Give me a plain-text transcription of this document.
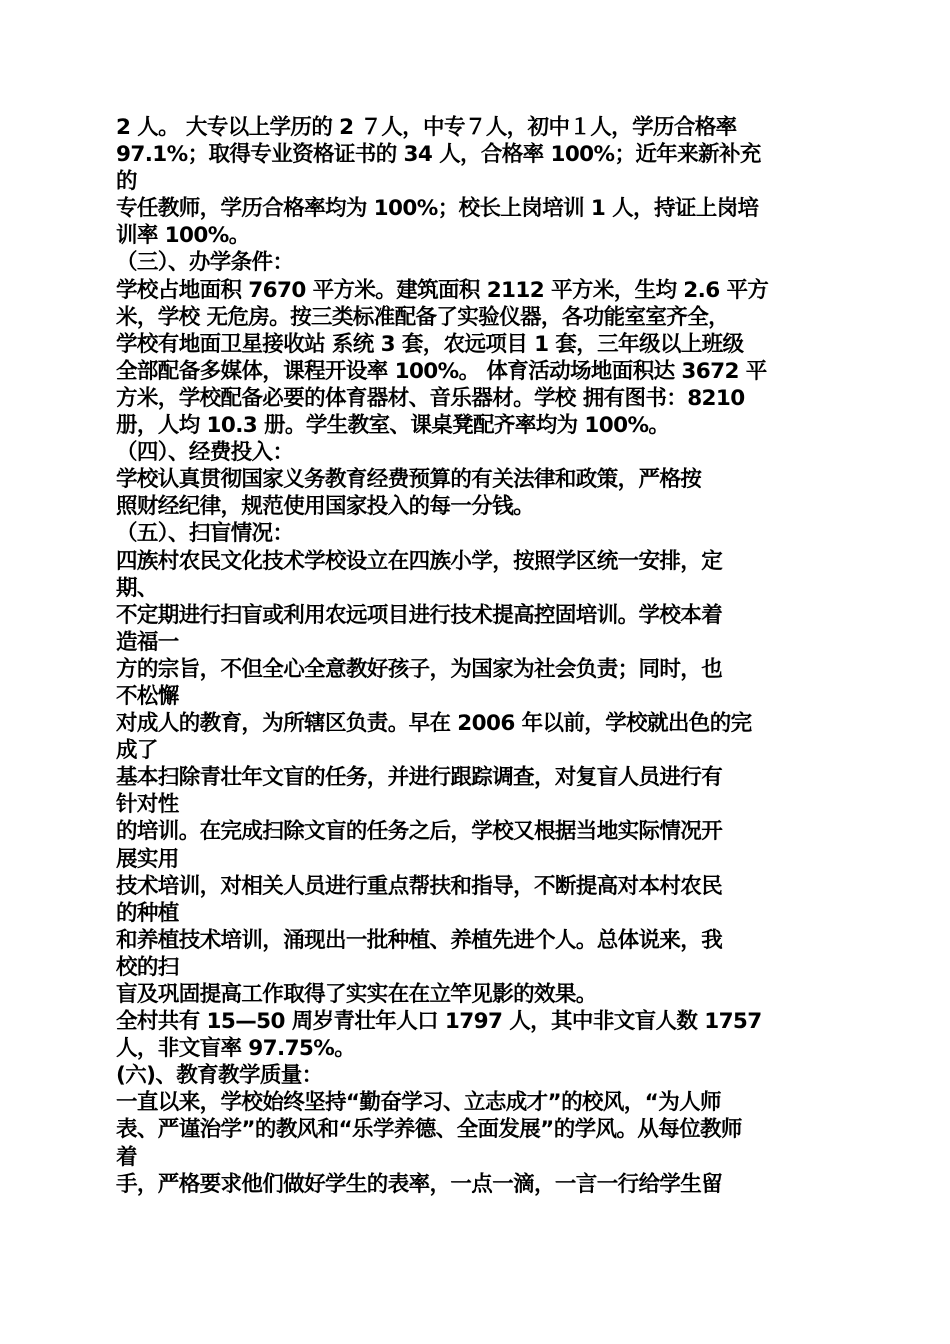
2 人。 大专以上学历的 2 ７人，中专７人，初中１人，学历合格率
97.1%；取得专业资格证书的 34 人，合格率 100%；近年来新补充
的
专任教师，学历合格率均为 100%；校长上岗培训 1 人，持证上岗培
训率 100%。
（三）、办学条件：
学校占地面积 7670 平方米。建筑面积 2112 平方米，生均 2.6 平方
米，学校 无危房。按三类标准配备了实验仪器，各功能室室齐全，
学校有地面卫星接收站 系统 3 套，农远项目 1 套，三年级以上班级
全部配备多媒体，课程开设率 100%。 体育活动场地面积达 3672 平
方米，学校配备必要的体育器材、音乐器材。学校 拥有图书：8210
册，人均 10.3 册。学生教室、课桌凳配齐率均为 100%。
（四）、经费投入：
学校认真贯彻国家义务教育经费预算的有关法律和政策，严格按
照财经纪律，规范使用国家投入的每一分钱。
（五）、扫盲情况：
四族村农民文化技术学校设立在四族小学，按照学区统一安排，定
期、
不定期进行扫盲或利用农远项目进行技术提高控固培训。学校本着
造福一
方的宗旨，不但全心全意教好孩子，为国家为社会负责；同时，也
不松懈
对成人的教育，为所辖区负责。早在 2006 年以前，学校就出色的完
成了
基本扫除青壮年文盲的任务，并进行跟踪调查，对复盲人员进行有
针对性
的培训。在完成扫除文盲的任务之后，学校又根据当地实际情况开
展实用
技术培训，对相关人员进行重点帮扶和指导，不断提高对本村农民
的种植
和养植技术培训，涌现出一批种植、养植先进个人。总体说来，我
校的扫
盲及巩固提高工作取得了实实在在立竿见影的效果。
全村共有 15—50 周岁青壮年人口 1797 人，其中非文盲人数 1757
人，非文盲率 97.75%。
(六)、教育教学质量：
一直以来，学校始终坚持“勤奋学习、立志成才”的校风，“为人师
表、严谨治学”的教风和“乐学养德、全面发展”的学风。从每位教师
着
手，严格要求他们做好学生的表率，一点一滴，一言一行给学生留
